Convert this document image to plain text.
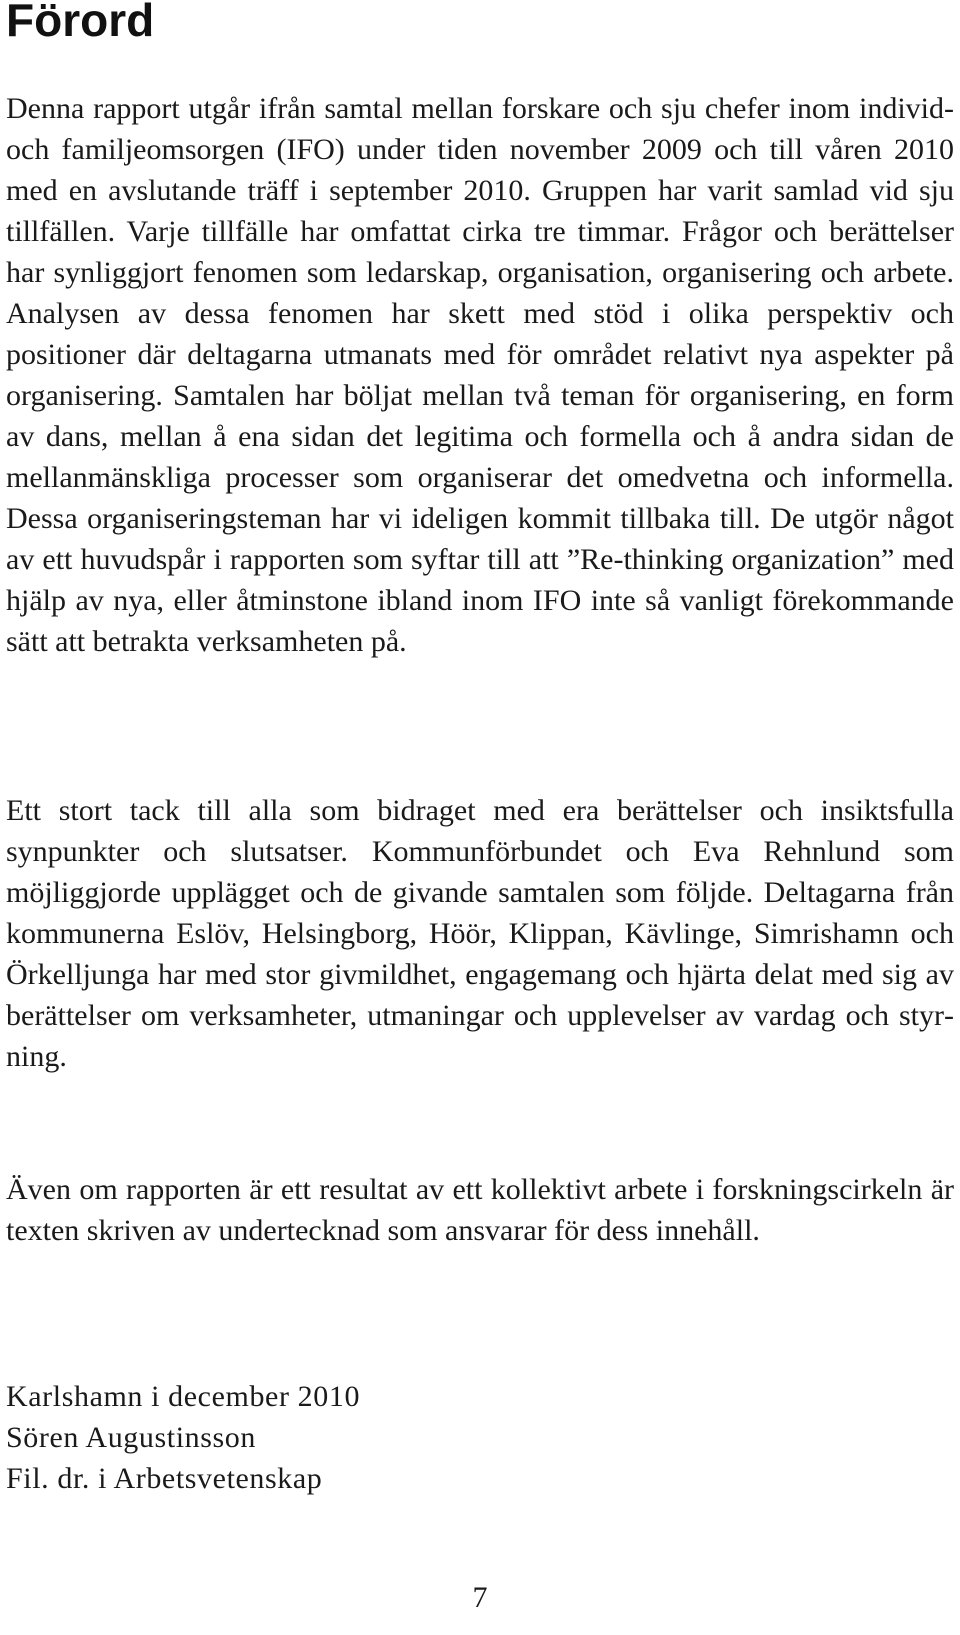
Förord

Denna rapport utgår ifrån samtal mellan forskare och sju chefer inom individ- och familjeomsorgen (IFO) under tiden november 2009 och till våren 2010 med en avslutande träff i september 2010. Gruppen har varit samlad vid sju tillfällen. Varje tillfälle har omfattat cirka tre timmar. Frågor och berättelser har synliggjort fenomen som ledarskap, organisation, organisering och arbete. Analysen av dessa fenomen har skett med stöd i olika perspektiv och positioner där deltagarna utmanats med för området relativt nya aspekter på organisering. Samtalen har böljat mellan två teman för organisering, en form av dans, mellan å ena sidan det legitima och formella och å andra sidan de mellanmänskliga processer som organiserar det omedvetna och informella. Dessa organiseringsteman har vi ideligen kommit tillbaka till. De utgör något av ett huvudspår i rapporten som syftar till att ”Re-thinking organization” med hjälp av nya, eller åtminstone ibland inom IFO inte så vanligt förekommande sätt att betrakta verksamheten på.

Ett stort tack till alla som bidraget med era berättelser och insiktsfulla synpunkter och slutsatser. Kommunförbundet och Eva Rehnlund som möjliggjorde upplägget och de givande samtalen som följde. Deltagarna från kommunerna Eslöv, Helsingborg, Höör, Klippan, Kävlinge, Simrishamn och Örkelljunga har med stor givmildhet, engagemang och hjärta delat med sig av berättelser om verksamheter, utmaningar och upplevelser av vardag och styrning.

Även om rapporten är ett resultat av ett kollektivt arbete i forskningscirkeln är texten skriven av undertecknad som ansvarar för dess innehåll.

Karlshamn i december 2010
Sören Augustinsson
Fil. dr. i Arbetsvetenskap
7
